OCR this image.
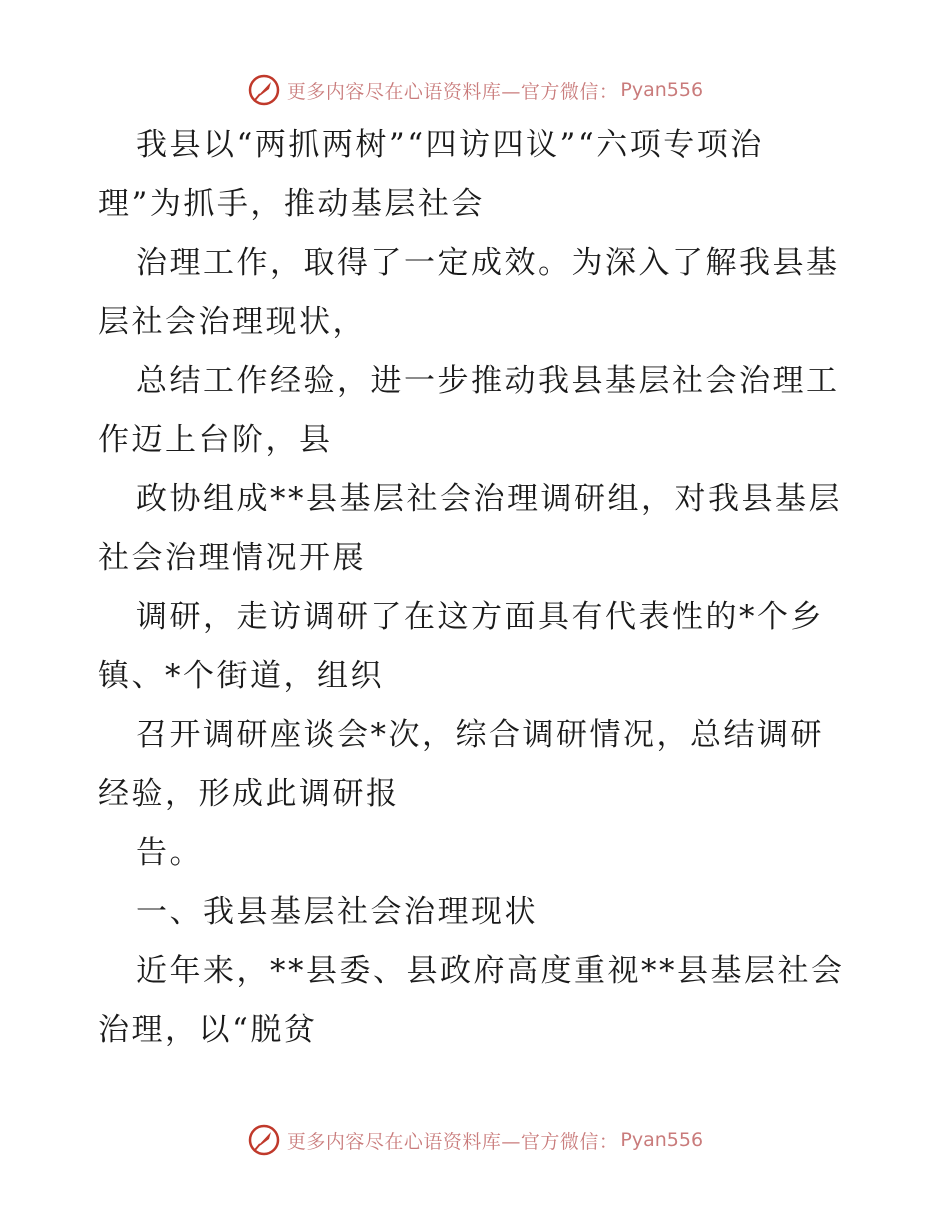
更多内容尽在心语资料库—官方微信： Pyan556
我县以“两抓两树”“四访四议”“六项专项治
理”为抓手，推动基层社会
治理工作，取得了一定成效。为深入了解我县基
层社会治理现状，
总结工作经验，进一步推动我县基层社会治理工
作迈上台阶，县
政协组成**县基层社会治理调研组，对我县基层
社会治理情况开展
调研，走访调研了在这方面具有代表性的*个乡
镇、*个街道，组织
召开调研座谈会*次，综合调研情况，总结调研
经验，形成此调研报
告。
一、我县基层社会治理现状
近年来，**县委、县政府高度重视**县基层社会
治理，以“脱贫
更多内容尽在心语资料库—官方微信： Pyan556
